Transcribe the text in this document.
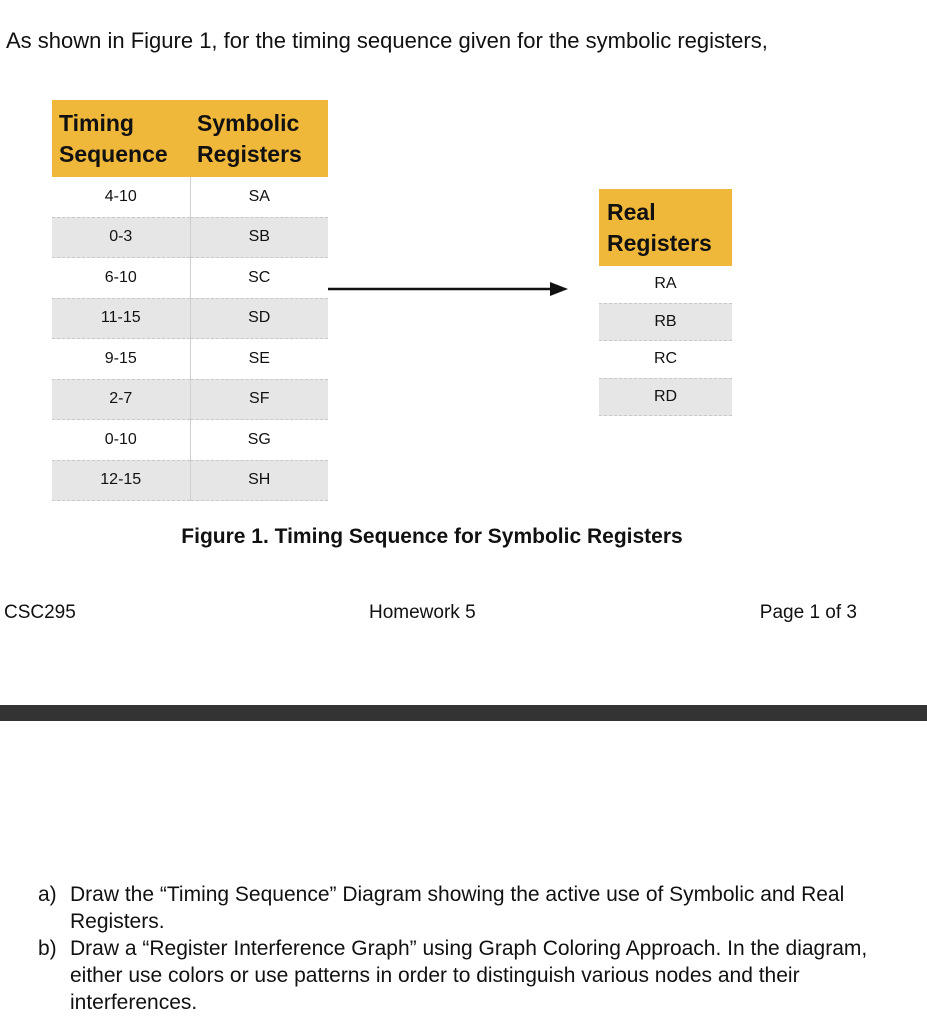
As shown in Figure 1, for the timing sequence given for the symbolic registers,
Timing Sequence	Symbolic Registers
4-10	SA
0-3	SB
6-10	SC
11-15	SD
9-15	SE
2-7	SF
0-10	SG
12-15	SH
Real Registers
RA
RB
RC
RD
Figure 1. Timing Sequence for Symbolic Registers
CSC295	Homework 5	Page 1 of 3
a) Draw the “Timing Sequence” Diagram showing the active use of Symbolic and Real Registers.
b) Draw a “Register Interference Graph” using Graph Coloring Approach. In the diagram, either use colors or use patterns in order to distinguish various nodes and their interferences.
